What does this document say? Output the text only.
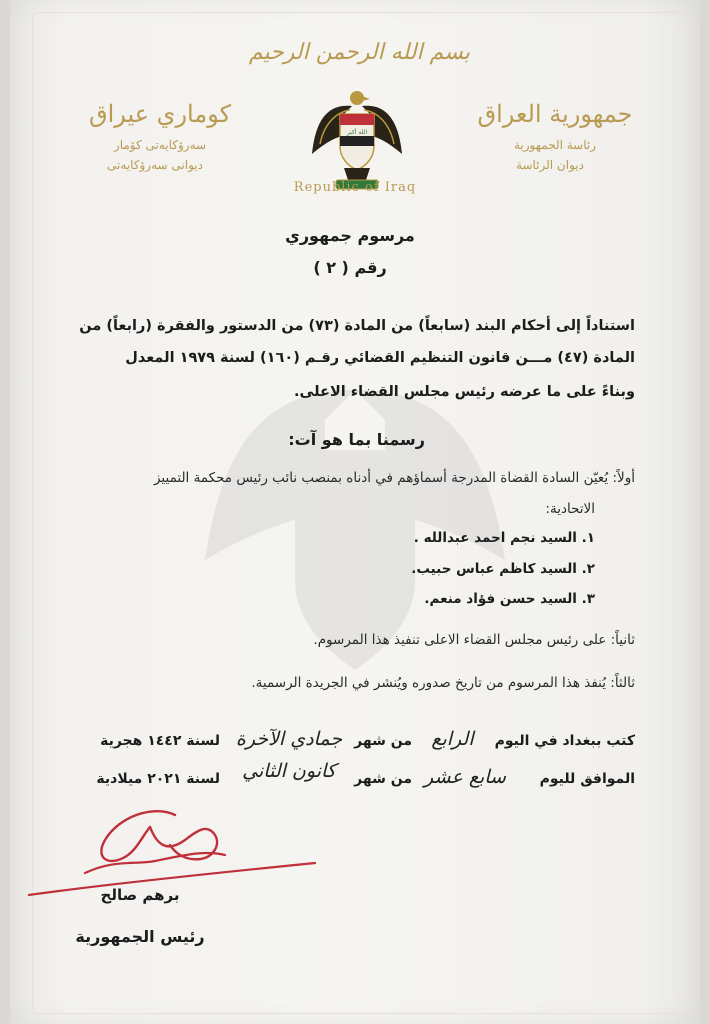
بسم الله الرحمن الرحيم
كوماري عيراق
سەرۆکایەتی کۆمار
دیوانی سەرۆکایەتی
جمهورية العراق
رئاسة الجمهورية
ديوان الرئاسة
الله أكبر
Republic of Iraq
مرسوم جمهوري
رقم ( ٢ )
استناداً إلى أحكام البند (سابعاً) من المادة (٧٣) من الدستور والفقرة (رابعاً) من
المادة (٤٧) مـــن قانون التنظيم القضائي رقـم (١٦٠) لسنة ١٩٧٩ المعدل
وبناءً على ما عرضه رئيس مجلس القضاء الاعلى.
رسمنا بما هو آت:
أولاً: يُعيّن السادة القضاة المدرجة أسماؤهم في أدناه بمنصب نائب رئيس محكمة التمييز
الاتحادية:
١. السيد نجم احمد عبدالله .
٢. السيد كاظم عباس حبيب.
٣. السيد حسن فؤاد منعم.
ثانياً: على رئيس مجلس القضاء الاعلى تنفيذ هذا المرسوم.
ثالثاً: يُنفذ هذا المرسوم من تاريخ صدوره ويُنشر في الجريدة الرسمية.
كتب ببغداد في اليوم
الرابع
من شهر
جمادي الآخرة
لسنة ١٤٤٢ هجرية
الموافق لليوم
سابع عشر
من شهر
كانون الثاني
لسنة ٢٠٢١ ميلادية
برهم صالح
رئيس الجمهورية
